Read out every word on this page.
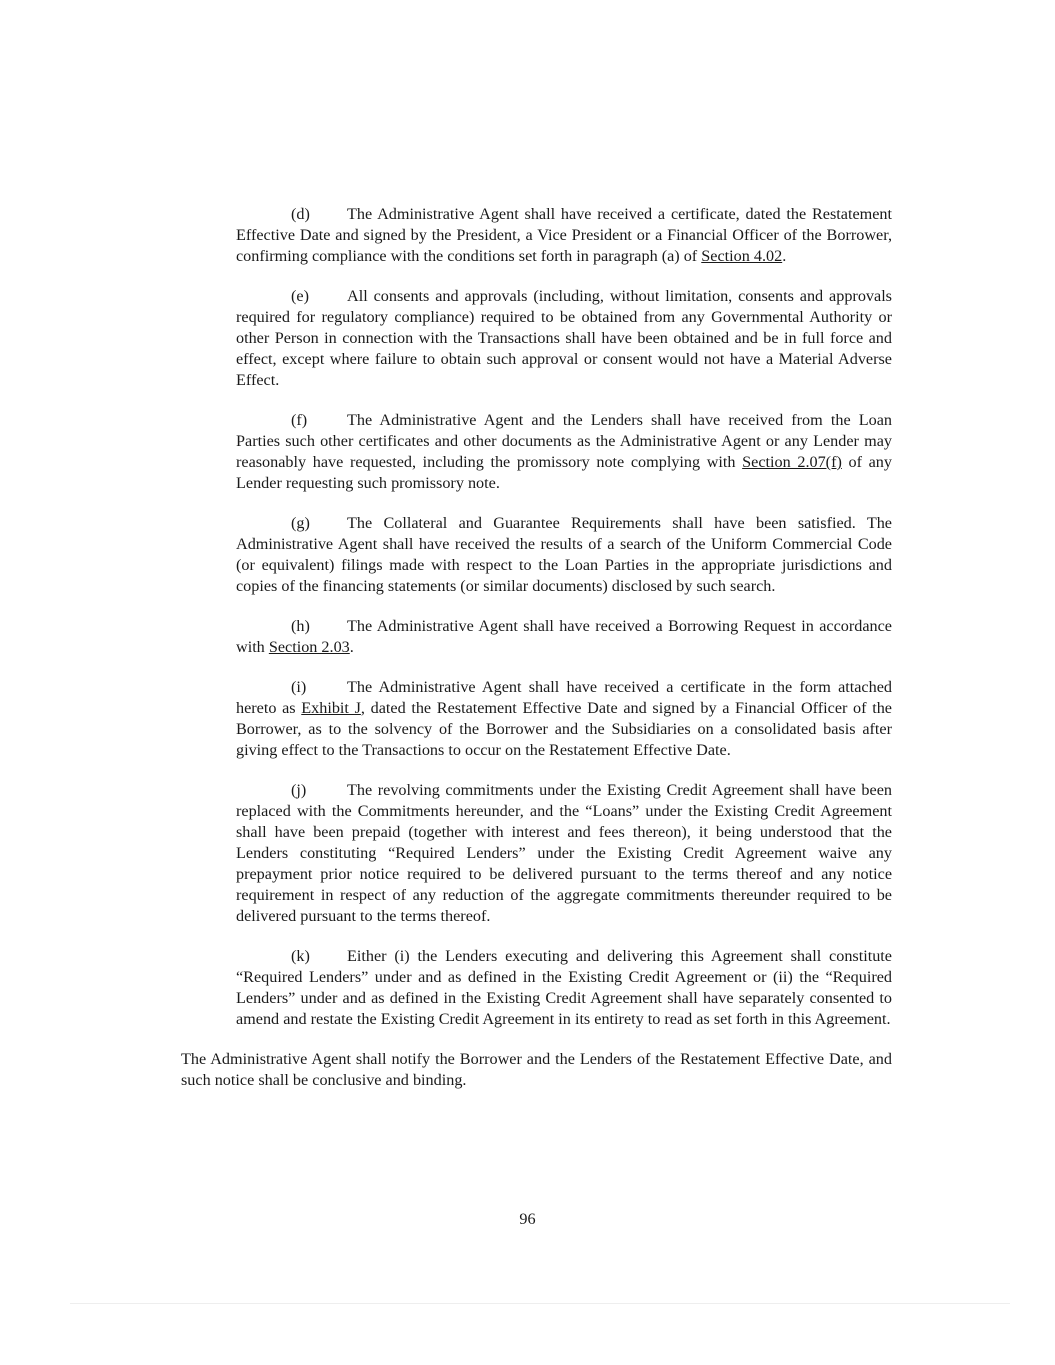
(d) The Administrative Agent shall have received a certificate, dated the Restatement Effective Date and signed by the President, a Vice President or a Financial Officer of the Borrower, confirming compliance with the conditions set forth in paragraph (a) of Section 4.02.

(e) All consents and approvals (including, without limitation, consents and approvals required for regulatory compliance) required to be obtained from any Governmental Authority or other Person in connection with the Transactions shall have been obtained and be in full force and effect, except where failure to obtain such approval or consent would not have a Material Adverse Effect.

(f) The Administrative Agent and the Lenders shall have received from the Loan Parties such other certificates and other documents as the Administrative Agent or any Lender may reasonably have requested, including the promissory note complying with Section 2.07(f) of any Lender requesting such promissory note.

(g) The Collateral and Guarantee Requirements shall have been satisfied. The Administrative Agent shall have received the results of a search of the Uniform Commercial Code (or equivalent) filings made with respect to the Loan Parties in the appropriate jurisdictions and copies of the financing statements (or similar documents) disclosed by such search.

(h) The Administrative Agent shall have received a Borrowing Request in accordance with Section 2.03.

(i)	The Administrative Agent shall have received a certificate in the form attached hereto as Exhibit J, dated the Restatement Effective Date and signed by a Financial Officer of the Borrower, as to the solvency of the Borrower and the Subsidiaries on a consolidated basis after giving effect to the Transactions to occur on the Restatement Effective Date.

(j)	The revolving commitments under the Existing Credit Agreement shall have been replaced with the Commitments hereunder, and the “Loans” under the Existing Credit Agreement shall have been prepaid (together with interest and fees thereon), it being understood that the Lenders constituting “Required Lenders” under the Existing Credit Agreement waive any prepayment prior notice required to be delivered pursuant to the terms thereof and any notice requirement in respect of any reduction of the aggregate commitments thereunder required to be delivered pursuant to the terms thereof.

(k) Either (i) the Lenders executing and delivering this Agreement shall constitute “Required Lenders” under and as defined in the Existing Credit Agreement or (ii) the “Required Lenders” under and as defined in the Existing Credit Agreement shall have separately consented to amend and restate the Existing Credit Agreement in its entirety to read as set forth in this Agreement.

The Administrative Agent shall notify the Borrower and the Lenders of the Restatement Effective Date, and such notice shall be conclusive and binding.

96
